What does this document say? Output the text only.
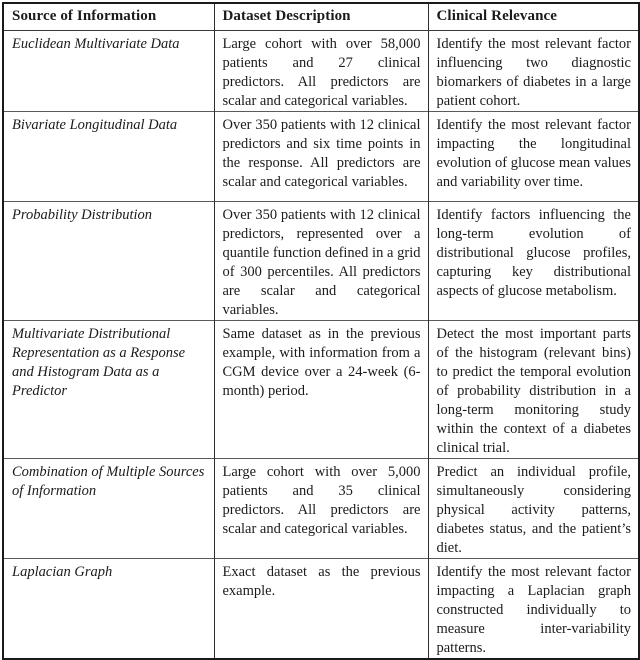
Source of Information	Dataset Description	Clinical Relevance
Euclidean Multivariate Data	Large cohort with over 58,000 patients and 27 clinical predictors. All predictors are scalar and categorical variables.	Identify the most relevant factor influencing two diagnostic biomarkers of diabetes in a large patient cohort.
Bivariate Longitudinal Data	Over 350 patients with 12 clinical predictors and six time points in the response. All predictors are scalar and categorical variables.	Identify the most relevant factor impacting the longitudinal evolution of glucose mean values and variability over time.
Probability Distribution	Over 350 patients with 12 clinical predictors, represented over a quantile function defined in a grid of 300 percentiles. All predictors are scalar and categorical variables.	Identify factors influencing the long-term evolution of distributional glucose profiles, capturing key distributional aspects of glucose metabolism.
Multivariate Distributional Representation as a Response and Histogram Data as a Predictor	Same dataset as in the previous example, with information from a CGM device over a 24-week (6-month) period.	Detect the most important parts of the histogram (relevant bins) to predict the temporal evolution of probability distribution in a long-term monitoring study within the context of a diabetes clinical trial.
Combination of Multiple Sources of Information	Large cohort with over 5,000 patients and 35 clinical predictors. All predictors are scalar and categorical variables.	Predict an individual profile, simultaneously considering physical activity patterns, diabetes status, and the patient’s diet.
Laplacian Graph	Exact dataset as the previous example.	Identify the most relevant factor impacting a Laplacian graph constructed individually to measure inter-variability patterns.
